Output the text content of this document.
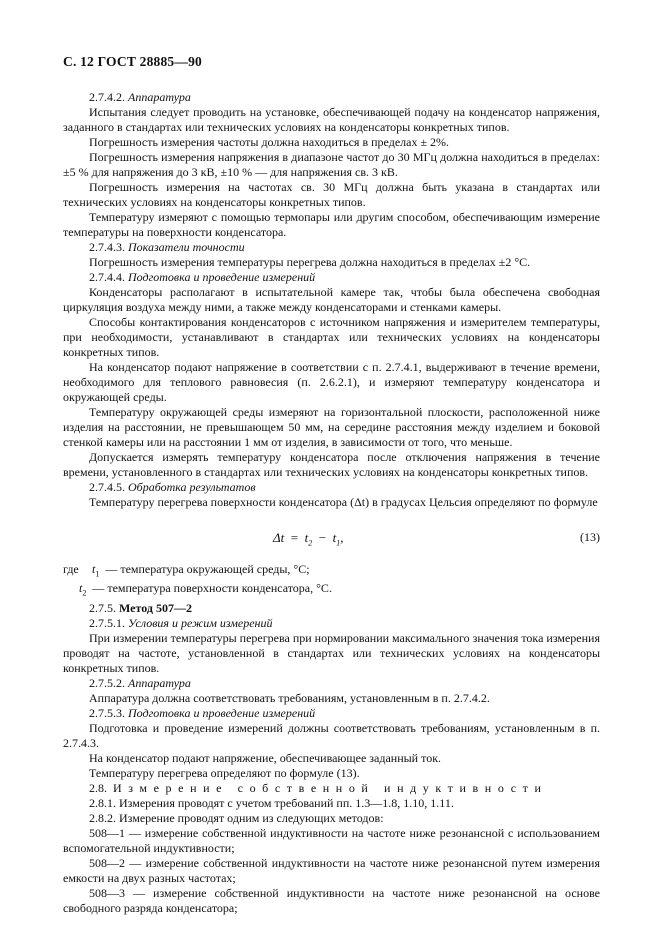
С. 12 ГОСТ 28885—90

2.7.4.2. Аппаратура

Испытания следует проводить на установке, обеспечивающей подачу на конденсатор напряжения, заданного в стандартах или технических условиях на конденсаторы конкретных типов.

Погрешность измерения частоты должна находиться в пределах ± 2%.

Погрешность измерения напряжения в диапазоне частот до 30 МГц должна находиться в пределах: ±5 % для напряжения до 3 кВ, ±10 % — для напряжения св. 3 кВ.

Погрешность измерения на частотах св. 30 МГц должна быть указана в стандартах или технических условиях на конденсаторы конкретных типов.

Температуру измеряют с помощью термопары или другим способом, обеспечивающим измерение температуры на поверхности конденсатора.

2.7.4.3. Показатели точности

Погрешность измерения температуры перегрева должна находиться в пределах ±2 °С.

2.7.4.4. Подготовка и проведение измерений

Конденсаторы располагают в испытательной камере так, чтобы была обеспечена свободная циркуляция воздуха между ними, а также между конденсаторами и стенками камеры.

Способы контактирования конденсаторов с источником напряжения и измерителем температуры, при необходимости, устанавливают в стандартах или технических условиях на конденсаторы конкретных типов.

На конденсатор подают напряжение в соответствии с п. 2.7.4.1, выдерживают в течение времени, необходимого для теплового равновесия (п. 2.6.2.1), и измеряют температуру конденсатора и окружающей среды.

Температуру окружающей среды измеряют на горизонтальной плоскости, расположенной ниже изделия на расстоянии, не превышающем 50 мм, на середине расстояния между изделием и боковой стенкой камеры или на расстоянии 1 мм от изделия, в зависимости от того, что меньше.

Допускается измерять температуру конденсатора после отключения напряжения в течение времени, установленного в стандартах или технических условиях на конденсаторы конкретных типов.

2.7.4.5. Обработка результатов

Температуру перегрева поверхности конденсатора (Δt) в градусах Цельсия определяют по формуле

$\Delta t = t_2 - t_1$,	(13)

где $t_1$ — температура окружающей среды, °С;

$t_2$ — температура поверхности конденсатора, °С.

2.7.5. Метод 507—2

2.7.5.1. Условия и режим измерений

При измерении температуры перегрева при нормировании максимального значения тока измерения проводят на частоте, установленной в стандартах или технических условиях на конденсаторы конкретных типов.

2.7.5.2. Аппаратура

Аппаратура должна соответствовать требованиям, установленным в п. 2.7.4.2.

2.7.5.3. Подготовка и проведение измерений

Подготовка и проведение измерений должны соответствовать требованиям, установленным в п. 2.7.4.3.

На конденсатор подают напряжение, обеспечивающее заданный ток.

Температуру перегрева определяют по формуле (13).

2.8. Измерение собственной индуктивности

2.8.1. Измерения проводят с учетом требований пп. 1.3—1.8, 1.10, 1.11.

2.8.2. Измерение проводят одним из следующих методов:

508—1 — измерение собственной индуктивности на частоте ниже резонансной с использованием вспомогательной индуктивности;

508—2 — измерение собственной индуктивности на частоте ниже резонансной путем измерения емкости на двух разных частотах;

508—3 — измерение собственной индуктивности на частоте ниже резонансной на основе свободного разряда конденсатора;
